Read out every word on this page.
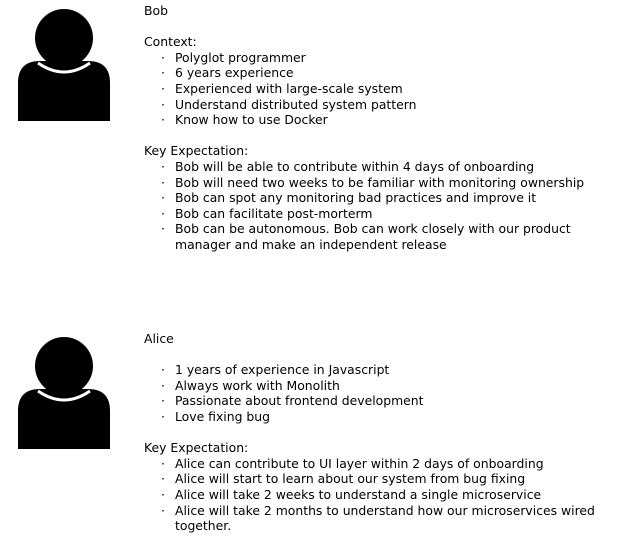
Bob
Context:
· Polyglot programmer
· 6 years experience
· Experienced with large-scale system
· Understand distributed system pattern
· Know how to use Docker
Key Expectation:
· Bob will be able to contribute within 4 days of onboarding
· Bob will need two weeks to be familiar with monitoring ownership
· Bob can spot any monitoring bad practices and improve it
· Bob can facilitate post-morterm
· Bob can be autonomous. Bob can work closely with our product manager and make an independent release
Alice
· 1 years of experience in Javascript
· Always work with Monolith
· Passionate about frontend development
· Love fixing bug
Key Expectation:
· Alice can contribute to UI layer within 2 days of onboarding
· Alice will start to learn about our system from bug fixing
· Alice will take 2 weeks to understand a single microservice
· Alice will take 2 months to understand how our microservices wired together.
